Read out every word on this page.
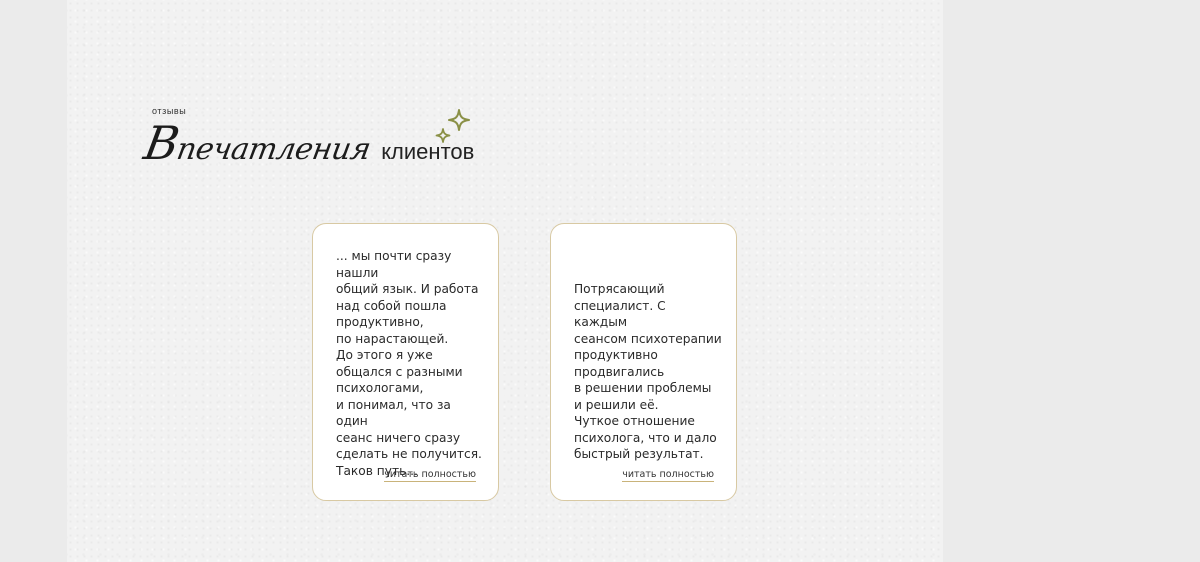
отзывы
Впечатления клиентов
... мы почти сразу нашли
общий язык. И работа
над собой пошла
продуктивно,
по нарастающей.
До этого я уже
общался с разными
психологами,
и понимал, что за один
сеанс ничего сразу
сделать не получится.
Таков путь...
читать полностью
Потрясающий
специалист. С каждым
сеансом психотерапии
продуктивно
продвигались
в решении проблемы
и решили её.
Чуткое отношение
психолога, что и дало
быстрый результат.
читать полностью
